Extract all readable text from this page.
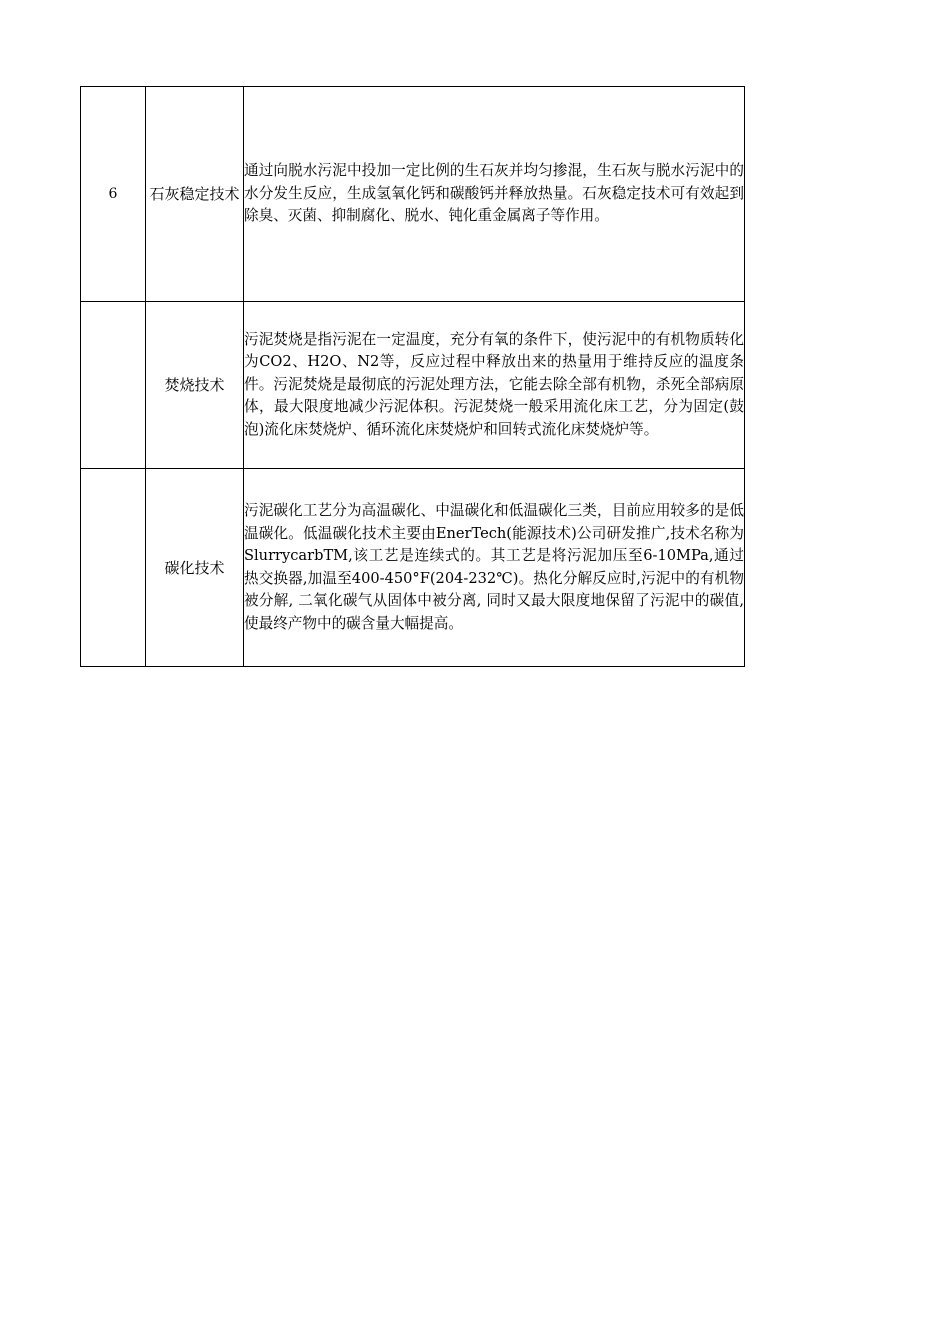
6	石灰稳定技术	通过向脱水污泥中投加一定比例的生石灰并均匀掺混，生石灰与脱水污泥中的水分发生反应，生成氢氧化钙和碳酸钙并释放热量。石灰稳定技术可有效起到除臭、灭菌、抑制腐化、脱水、钝化重金属离子等作用。

	焚烧技术	污泥焚烧是指污泥在一定温度，充分有氧的条件下，使污泥中的有机物质转化为CO2、H2O、N2等，反应过程中释放出来的热量用于维持反应的温度条件。污泥焚烧是最彻底的污泥处理方法，它能去除全部有机物，杀死全部病原体，最大限度地减少污泥体积。污泥焚烧一般采用流化床工艺，分为固定(鼓泡)流化床焚烧炉、循环流化床焚烧炉和回转式流化床焚烧炉等。

	碳化技术	污泥碳化工艺分为高温碳化、中温碳化和低温碳化三类，目前应用较多的是低温碳化。低温碳化技术主要由EnerTech(能源技术)公司研发推广,技术名称为SlurrycarbTM,该工艺是连续式的。其工艺是将污泥加压至6-10MPa,通过热交换器,加温至400-450°F(204-232℃)。热化分解反应时,污泥中的有机物被分解, 二氧化碳气从固体中被分离, 同时又最大限度地保留了污泥中的碳值,使最终产物中的碳含量大幅提高。
